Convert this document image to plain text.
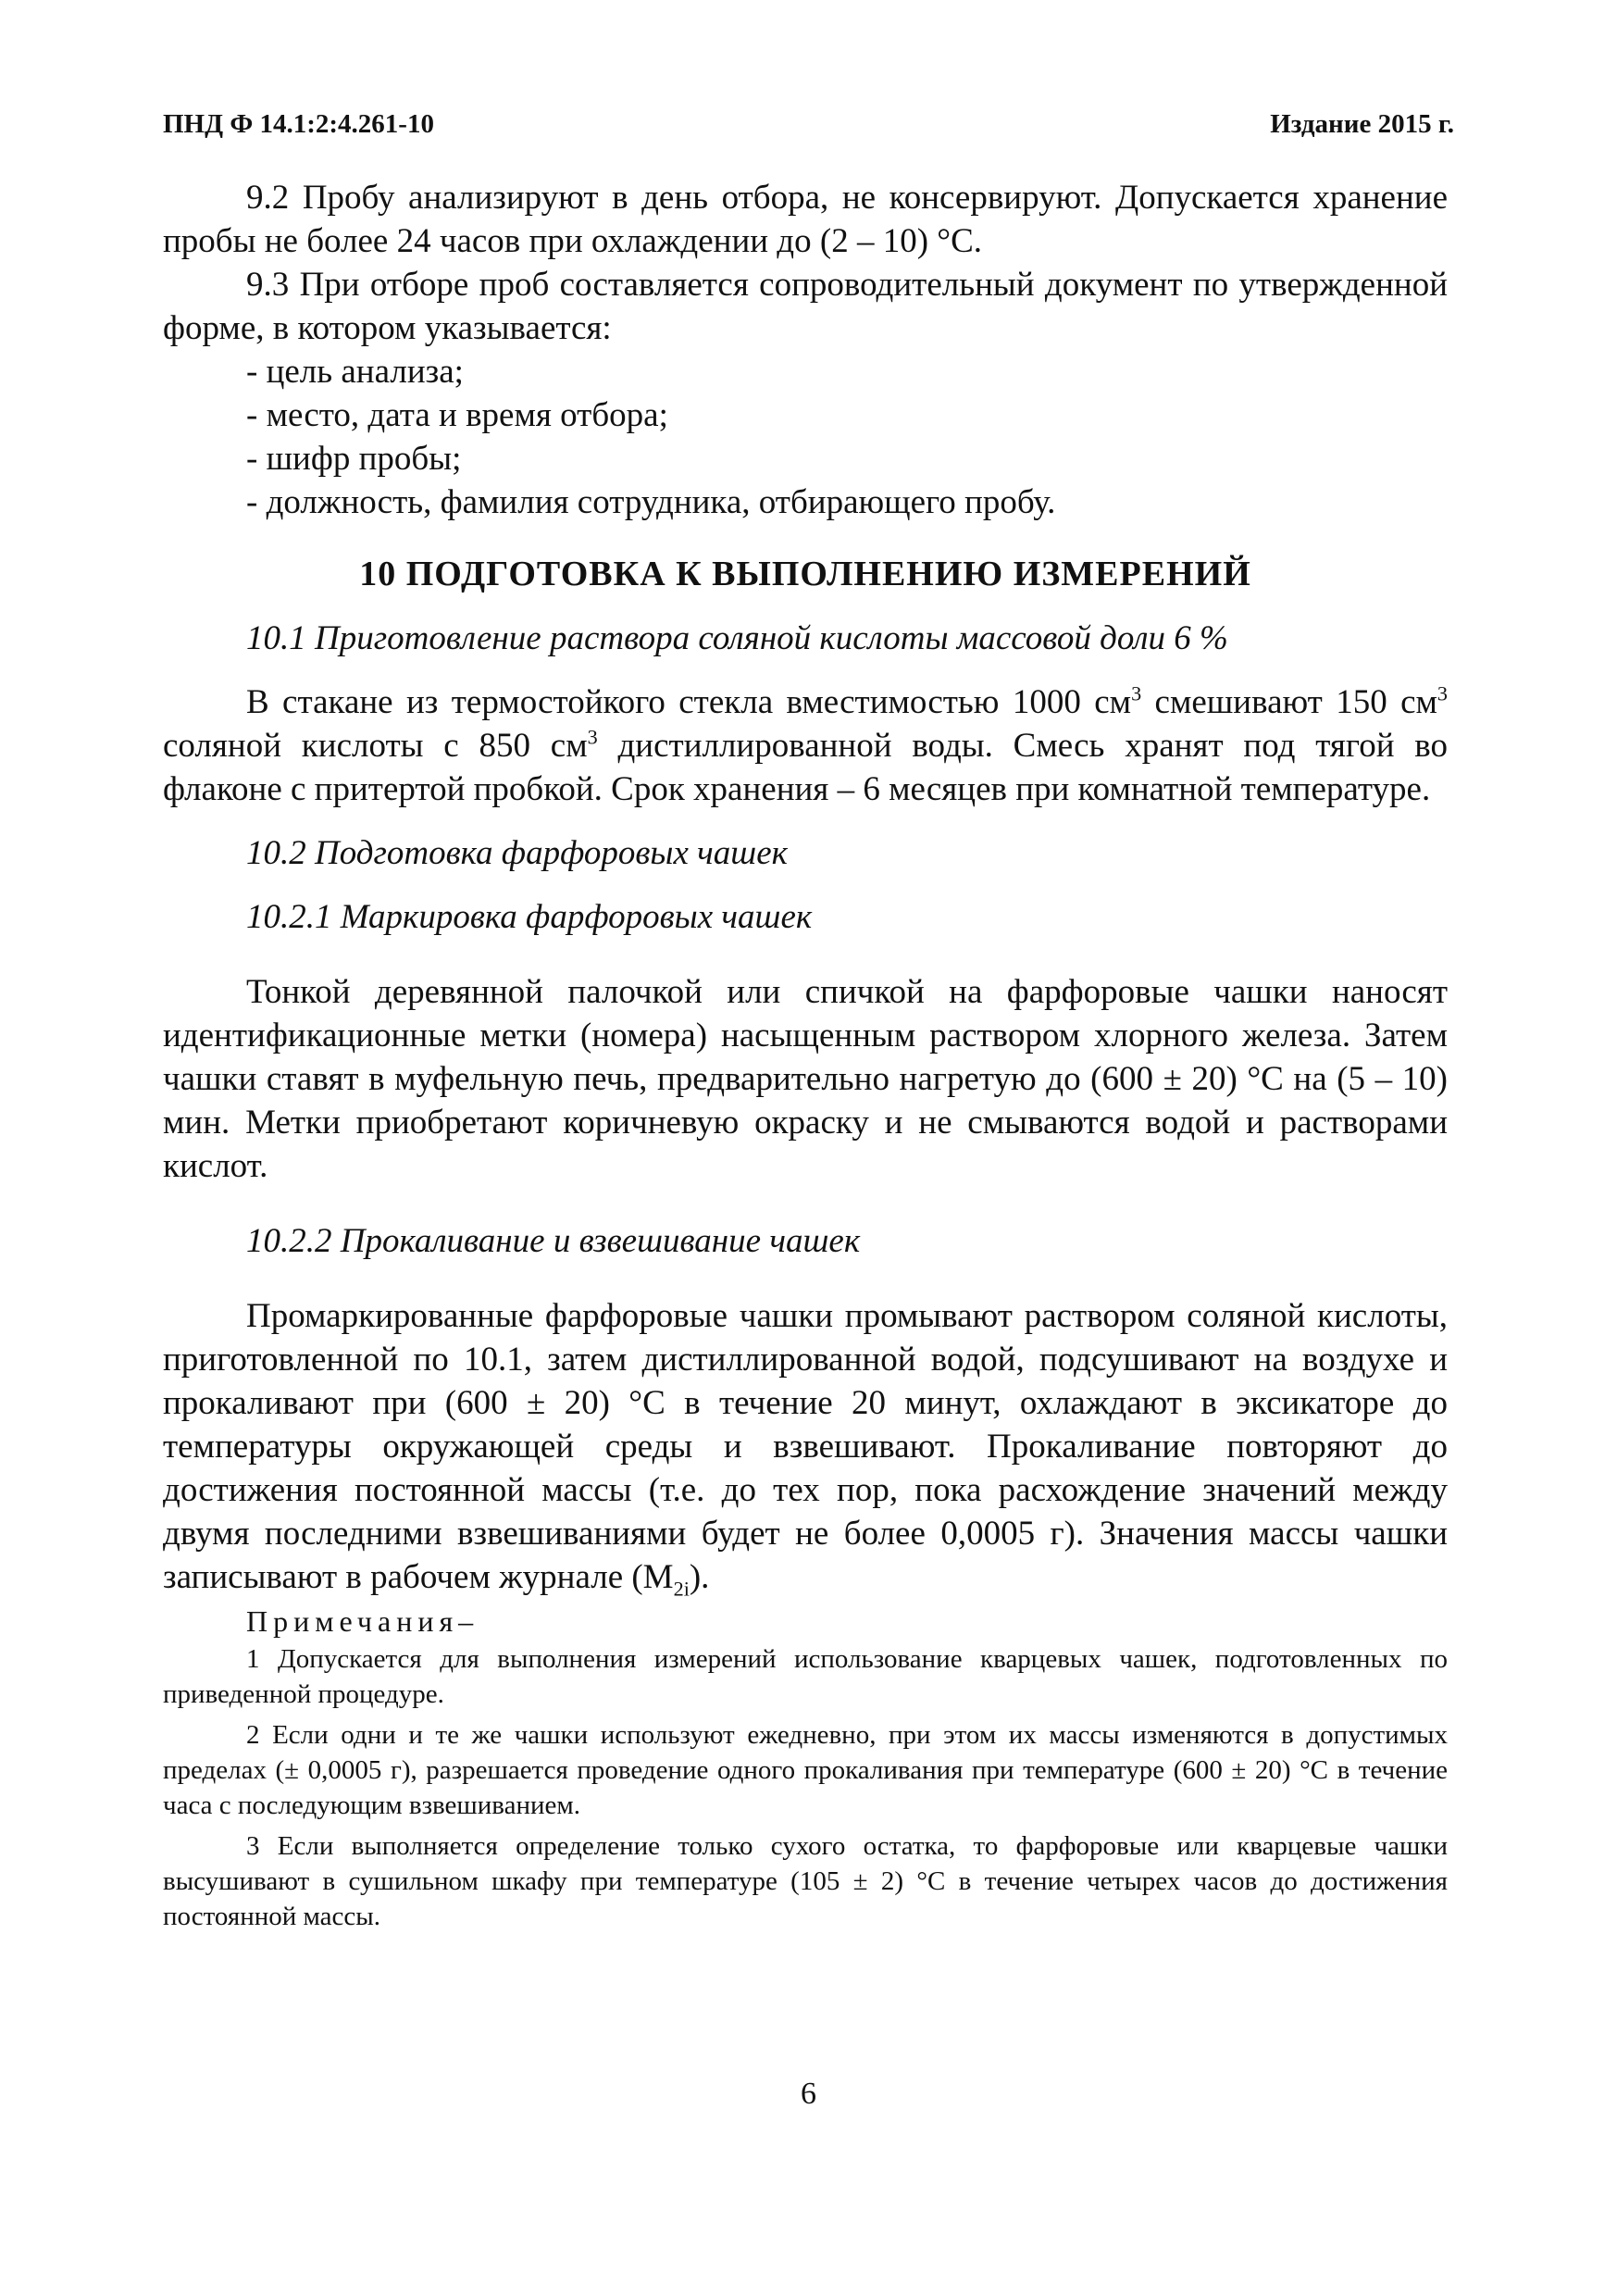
ПНД Ф 14.1:2:4.261-10	Издание 2015 г.

9.2 Пробу анализируют в день отбора, не консервируют. Допускается хранение пробы не более 24 часов при охлаждении до (2 – 10) °С.

9.3 При отборе проб составляется сопроводительный документ по утвержденной форме, в котором указывается:

- цель анализа;
- место, дата и время отбора;
- шифр пробы;
- должность, фамилия сотрудника, отбирающего пробу.
10 ПОДГОТОВКА К ВЫПОЛНЕНИЮ ИЗМЕРЕНИЙ

10.1 Приготовление раствора соляной кислоты массовой доли 6 %

В стакане из термостойкого стекла вместимостью 1000 $см^3$ смешивают 150 $см^3$ соляной кислоты с 850 $см^3$ дистиллированной воды. Смесь хранят под тягой во флаконе с притертой пробкой. Срок хранения – 6 месяцев при комнатной температуре.

10.2 Подготовка фарфоровых чашек

10.2.1 Маркировка фарфоровых чашек

Тонкой деревянной палочкой или спичкой на фарфоровые чашки наносят идентификационные метки (номера) насыщенным раствором хлорного железа. Затем чашки ставят в муфельную печь, предварительно нагретую до (600 ± 20) °С на (5 – 10) мин. Метки приобретают коричневую окраску и не смываются водой и растворами кислот.

10.2.2 Прокаливание и взвешивание чашек

Промаркированные фарфоровые чашки промывают раствором соляной кислоты, приготовленной по 10.1, затем дистиллированной водой, подсушивают на воздухе и прокаливают при (600 ± 20) °С в течение 20 минут, охлаждают в эксикаторе до температуры окружающей среды и взвешивают. Прокаливание повторяют до достижения постоянной массы (т.е. до тех пор, пока расхождение значений между двумя последними взвешиваниями будет не более 0,0005 г). Значения массы чашки записывают в рабочем журнале $(М_{2i})$.

Примечания–

1 Допускается для выполнения измерений использование кварцевых чашек, подготовленных по приведенной процедуре.

2 Если одни и те же чашки используют ежедневно, при этом их массы изменяются в допустимых пределах (± 0,0005 г), разрешается проведение одного прокаливания при температуре (600 ± 20) °С в течение часа с последующим взвешиванием.

3 Если выполняется определение только сухого остатка, то фарфоровые или кварцевые чашки высушивают в сушильном шкафу при температуре (105 ± 2) °С в течение четырех часов до достижения постоянной массы.

6
